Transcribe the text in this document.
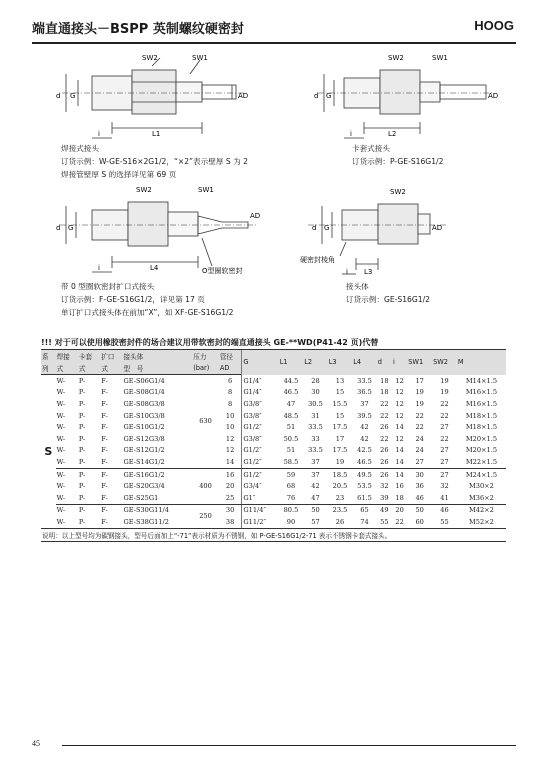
端直通接头－BSPP 英制螺纹硬密封	HOOG
SW2	SW1
d G	AD
i	L1
焊接式接头
订货示例：W-GE-S16×2G1/2，“×2”表示壁厚 S 为 2
焊接管壁厚 S 的选择详见第 69 页
SW2	SW1
d G	AD
i	L2
卡套式接头
订货示例：P-GE-S16G1/2
SW2	SW1
d G
AD
i	L4	O型圈软密封
带 0 型圈软密封扩口式接头
订货示例：F-GE-S16G1/2，详见第 17 页
单订扩口式接头体在前加“X”，如 XF-GE-S16G1/2
SW2
d G	AD
硬密封棱角
i L3
接头体
订货示例：GE-S16G1/2
!!! 对于可以使用橡胶密封件的场合建议用带软密封的端直通接头 GE-**WD(P41-42 页)代替
系	焊接	卡套	扩口	接头体	压力	管径	G	L1	L2	L3	L4	d	i	SW1	SW2	M
列	式	式	式	型　号	(bar)	AD										
S	W-	P-	F-	GE-S06G1/4	630	6	G1/4″	44.5	28	13	33.5	18	12	17	19	M14×1.5
	W-	P-	F-	GE-S08G1/4		8	G1/4″	46.5	30	15	36.5	18	12	19	19	M16×1.5
	W-	P-	F-	GE-S08G3/8		8	G3/8″	47	30.5	15.5	37	22	12	19	22	M16×1.5
	W-	P-	F-	GE-S10G3/8		10	G3/8″	48.5	31	15	39.5	22	12	22	22	M18×1.5
	W-	P-	F-	GE-S10G1/2		10	G1/2″	51	33.5	17.5	42	26	14	22	27	M18×1.5
	W-	P-	F-	GE-S12G3/8		12	G3/8″	50.5	33	17	42	22	12	24	22	M20×1.5
	W-	P-	F-	GE-S12G1/2		12	G1/2″	51	33.5	17.5	42.5	26	14	24	27	M20×1.5
	W-	P-	F-	GE-S14G1/2		14	G1/2″	58.5	37	19	46.5	26	14	27	27	M22×1.5
	W-	P-	F-	GE-S16G1/2	400	16	G1/2″	59	37	18.5	49.5	26	14	30	27	M24×1.5
	W-	P-	F-	GE-S20G3/4		20	G3/4″	68	42	20.5	53.5	32	16	36	32	M30×2
	W-	P-	F-	GE-S25G1		25	G1″	76	47	23	61.5	39	18	46	41	M36×2
	W-	P-	F-	GE-S30G11/4	250	30	G11/4″	80.5	50	23.5	65	49	20	50	46	M42×2
	W-	P-	F-	GE-S38G11/2		38	G11/2″	90	57	26	74	55	22	60	55	M52×2
说明：以上型号均为碳钢接头，型号后面加上“-71”表示材质为不锈钢，如 P-GE-S16G1/2-71 表示不锈钢卡套式接头。																
45
